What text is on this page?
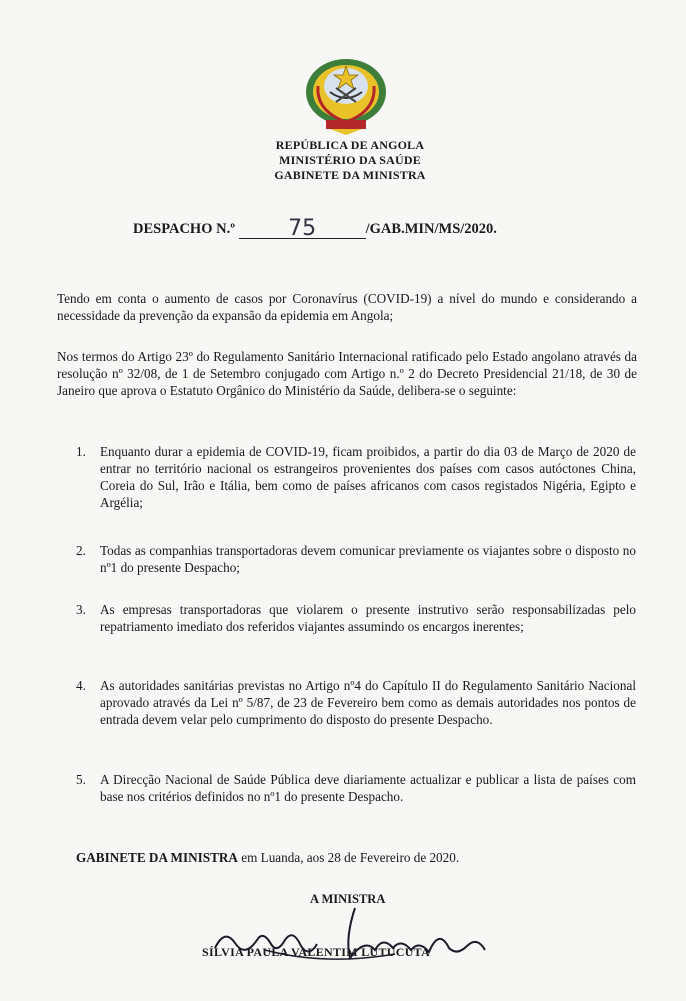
REPÚBLICA DE ANGOLA
MINISTÉRIO DA SAÚDE
GABINETE DA MINISTRA
DESPACHO N.º 75	/GAB.MIN/MS/2020.
Tendo em conta o aumento de casos por Coronavírus (COVID-19) a nível do mundo e considerando a necessidade da prevenção da expansão da epidemia em Angola;
Nos termos do Artigo 23º do Regulamento Sanitário Internacional ratificado pelo Estado angolano através da resolução nº 32/08, de 1 de Setembro conjugado com Artigo n.º 2 do Decreto Presidencial 21/18, de 30 de Janeiro que aprova o Estatuto Orgânico do Ministério da Saúde, delibera-se o seguinte:
1.	Enquanto durar a epidemia de COVID-19, ficam proibidos, a partir do dia 03 de Março de 2020 de entrar no território nacional os estrangeiros provenientes dos países com casos autóctones China, Coreia do Sul, Irão e Itália, bem como de países africanos com casos registados Nigéria, Egipto e Argélia;
2.	Todas as companhias transportadoras devem comunicar previamente os viajantes sobre o disposto no nº1 do presente Despacho;
3.	As empresas transportadoras que violarem o presente instrutivo serão responsabilizadas pelo repatriamento imediato dos referidos viajantes assumindo os encargos inerentes;
4.	As autoridades sanitárias previstas no Artigo nº4 do Capítulo II do Regulamento Sanitário Nacional aprovado através da Lei nº 5/87, de 23 de Fevereiro bem como as demais autoridades nos pontos de entrada devem velar pelo cumprimento do disposto do presente Despacho.
5.	A Direcção Nacional de Saúde Pública deve diariamente actualizar e publicar a lista de países com base nos critérios definidos no nº1 do presente Despacho.
GABINETE DA MINISTRA em Luanda, aos 28 de Fevereiro de 2020.
A MINISTRA
SÍLVIA PAULA VALENTIM LUTUCUTA
